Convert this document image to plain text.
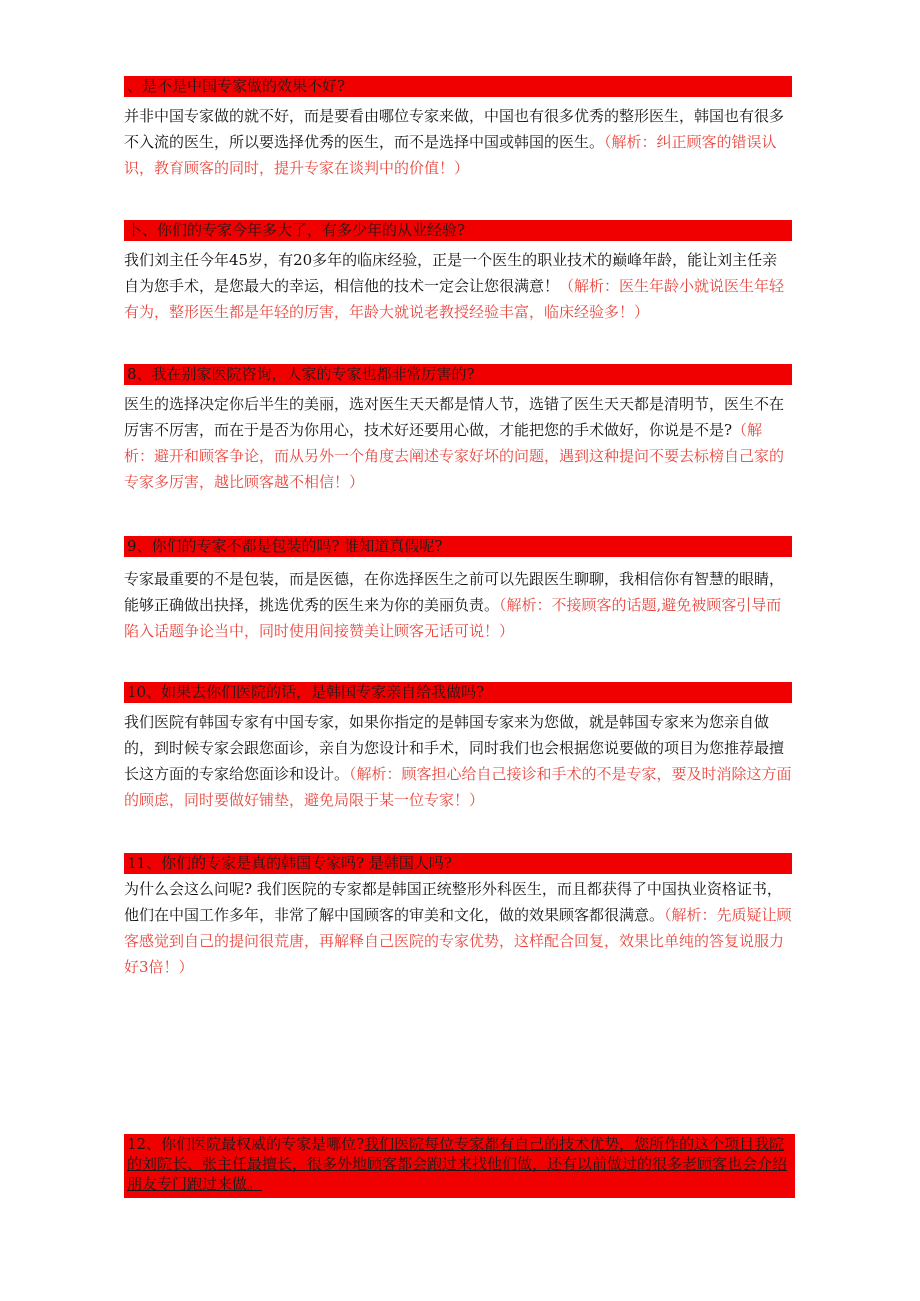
、是不是中国专家做的效果不好?
并非中国专家做的就不好，而是要看由哪位专家来做，中国也有很多优秀的整形医生，韩国也有很多不入流的医生，所以要选择优秀的医生，而不是选择中国或韩国的医生。（解析：纠正顾客的错误认识，教育顾客的同时，提升专家在谈判中的价值！）
卜、你们的专家今年多大了，有多少年的从业经验?
我们刘主任今年45岁，有20多年的临床经验，正是一个医生的职业技术的巅峰年龄，能让刘主任亲自为您手术，是您最大的幸运，相信他的技术一定会让您很满意！（解析：医生年龄小就说医生年轻有为，整形医生都是年轻的厉害，年龄大就说老教授经验丰富，临床经验多！）
8、我在别家医院咨询，人家的专家也都非常厉害的?
医生的选择决定你后半生的美丽，选对医生天天都是情人节，选错了医生天天都是清明节，医生不在厉害不厉害，而在于是否为你用心，技术好还要用心做，才能把您的手术做好，你说是不是?（解析：避开和顾客争论，而从另外一个角度去阐述专家好坏的问题，遇到这种提问不要去标榜自己家的专家多厉害，越比顾客越不相信！）
9、你们的专家不都是包装的吗? 谁知道真假呢?
专家最重要的不是包装，而是医德，在你选择医生之前可以先跟医生聊聊，我相信你有智慧的眼睛，能够正确做出抉择，挑选优秀的医生来为你的美丽负责。（解析：不接顾客的话题,避免被顾客引导而陷入话题争论当中，同时使用间接赞美让顾客无话可说！）
10、如果去你们医院的话，是韩国专家亲自给我做吗?
我们医院有韩国专家有中国专家，如果你指定的是韩国专家来为您做，就是韩国专家来为您亲自做的，到时候专家会跟您面诊，亲自为您设计和手术，同时我们也会根据您说要做的项目为您推荐最擅长这方面的专家给您面诊和设计。（解析：顾客担心给自己接诊和手术的不是专家，要及时消除这方面的顾虑，同时要做好铺垫，避免局限于某一位专家！）
11、你们的专家是真的韩国专家吗? 是韩国人吗?
为什么会这么问呢? 我们医院的专家都是韩国正统整形外科医生，而且都获得了中国执业资格证书，他们在中国工作多年，非常了解中国顾客的审美和文化，做的效果顾客都很满意。（解析：先质疑让顾客感觉到自己的提问很荒唐，再解释自己医院的专家优势，这样配合回复，效果比单纯的答复说服力好3倍！）
12、你们医院最权威的专家是哪位?我们医院每位专家都有自己的技术优势，您所作的这个项目我院的刘院长、张主任最擅长，很多外地顾客都会跑过来找他们做，还有以前做过的很多老顾客也会介绍朋友专门跑过来做。
